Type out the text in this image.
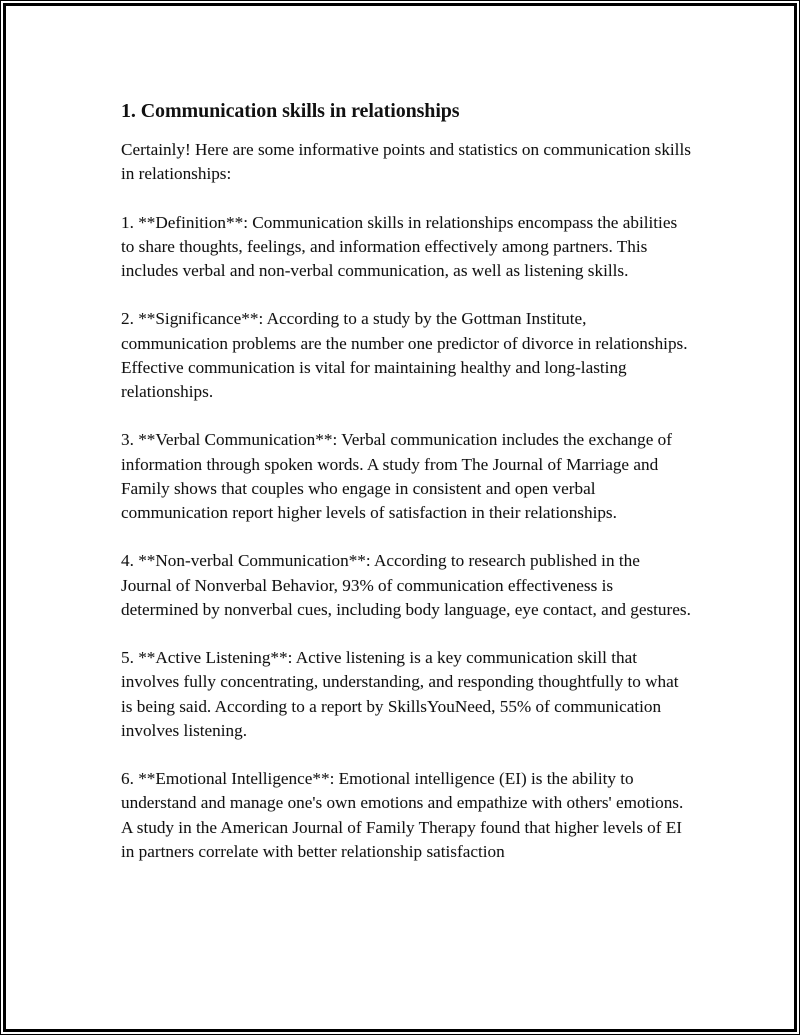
1. Communication skills in relationships

Certainly! Here are some informative points and statistics on communication skills in relationships:

1. **Definition**: Communication skills in relationships encompass the abilities to share thoughts, feelings, and information effectively among partners. This includes verbal and non-verbal communication, as well as listening skills.

2. **Significance**: According to a study by the Gottman Institute, communication problems are the number one predictor of divorce in relationships. Effective communication is vital for maintaining healthy and long-lasting relationships.

3. **Verbal Communication**: Verbal communication includes the exchange of information through spoken words. A study from The Journal of Marriage and Family shows that couples who engage in consistent and open verbal communication report higher levels of satisfaction in their relationships.

4. **Non-verbal Communication**: According to research published in the Journal of Nonverbal Behavior, 93% of communication effectiveness is determined by nonverbal cues, including body language, eye contact, and gestures.

5. **Active Listening**: Active listening is a key communication skill that involves fully concentrating, understanding, and responding thoughtfully to what is being said. According to a report by SkillsYouNeed, 55% of communication involves listening.

6. **Emotional Intelligence**: Emotional intelligence (EI) is the ability to understand and manage one's own emotions and empathize with others' emotions. A study in the American Journal of Family Therapy found that higher levels of EI in partners correlate with better relationship satisfaction
